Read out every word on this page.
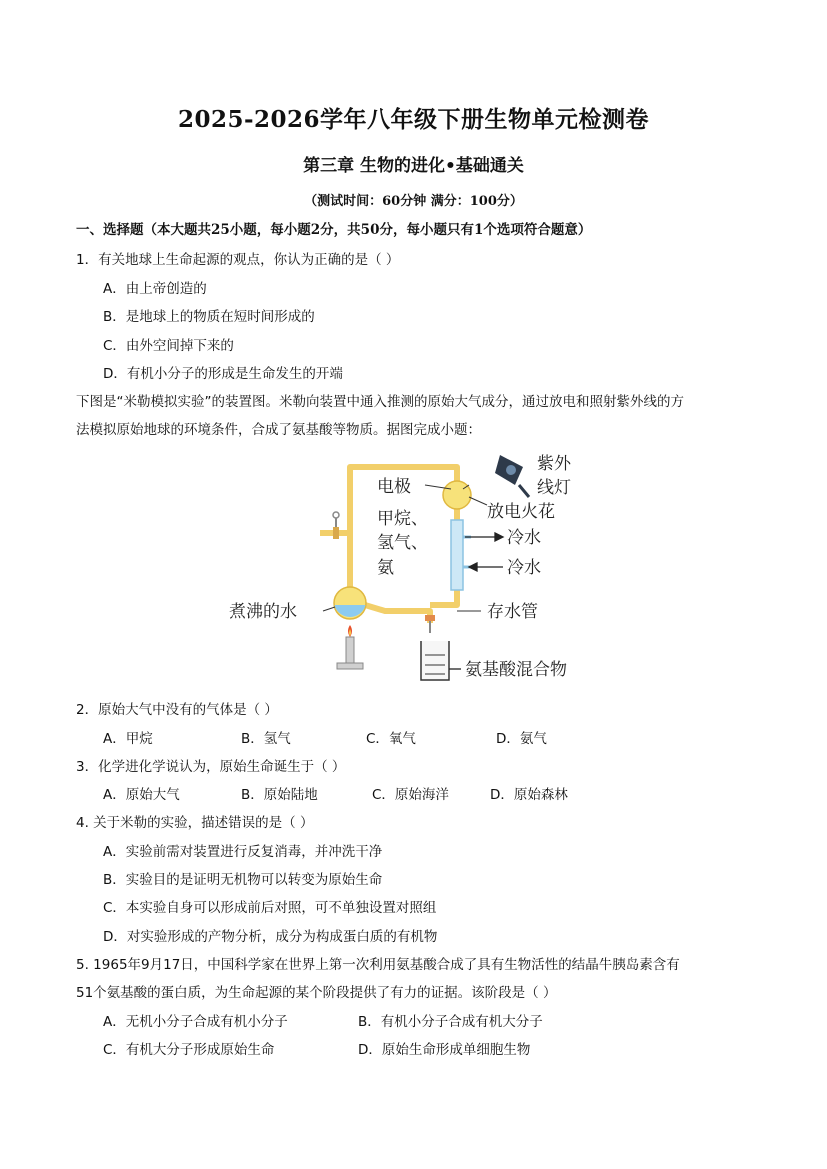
2025-2026学年八年级下册生物单元检测卷
第三章 生物的进化•基础通关
（测试时间：60分钟 满分：100分）
一、选择题（本大题共25小题，每小题2分，共50分，每小题只有1个选项符合题意）
1．有关地球上生命起源的观点，你认为正确的是（ ）
A．由上帝创造的
B．是地球上的物质在短时间形成的
C．由外空间掉下来的
D．有机小分子的形成是生命发生的开端
下图是“米勒模拟实验”的装置图。米勒向装置中通入推测的原始大气成分，通过放电和照射紫外线的方
法模拟原始地球的环境条件，合成了氨基酸等物质。据图完成小题：
电极
甲烷、
氢气、
氨
紫外
线灯
放电火花
冷水
冷水
煮沸的水	存水管
氨基酸混合物
2．原始大气中没有的气体是（ ）
A．甲烷	B．氢气	C．氧气	D．氨气
3．化学进化学说认为，原始生命诞生于（ ）
A．原始大气	B．原始陆地	C．原始海洋	D．原始森林
4. 关于米勒的实验，描述错误的是（ ）
A．实验前需对装置进行反复消毒，并冲洗干净
B．实验目的是证明无机物可以转变为原始生命
C．本实验自身可以形成前后对照，可不单独设置对照组
D．对实验形成的产物分析，成分为构成蛋白质的有机物
5. 1965年9月17日，中国科学家在世界上第一次利用氨基酸合成了具有生物活性的结晶牛胰岛素含有
51个氨基酸的蛋白质，为生命起源的某个阶段提供了有力的证据。该阶段是（ ）
A．无机小分子合成有机小分子	B．有机小分子合成有机大分子
C．有机大分子形成原始生命	D．原始生命形成单细胞生物
